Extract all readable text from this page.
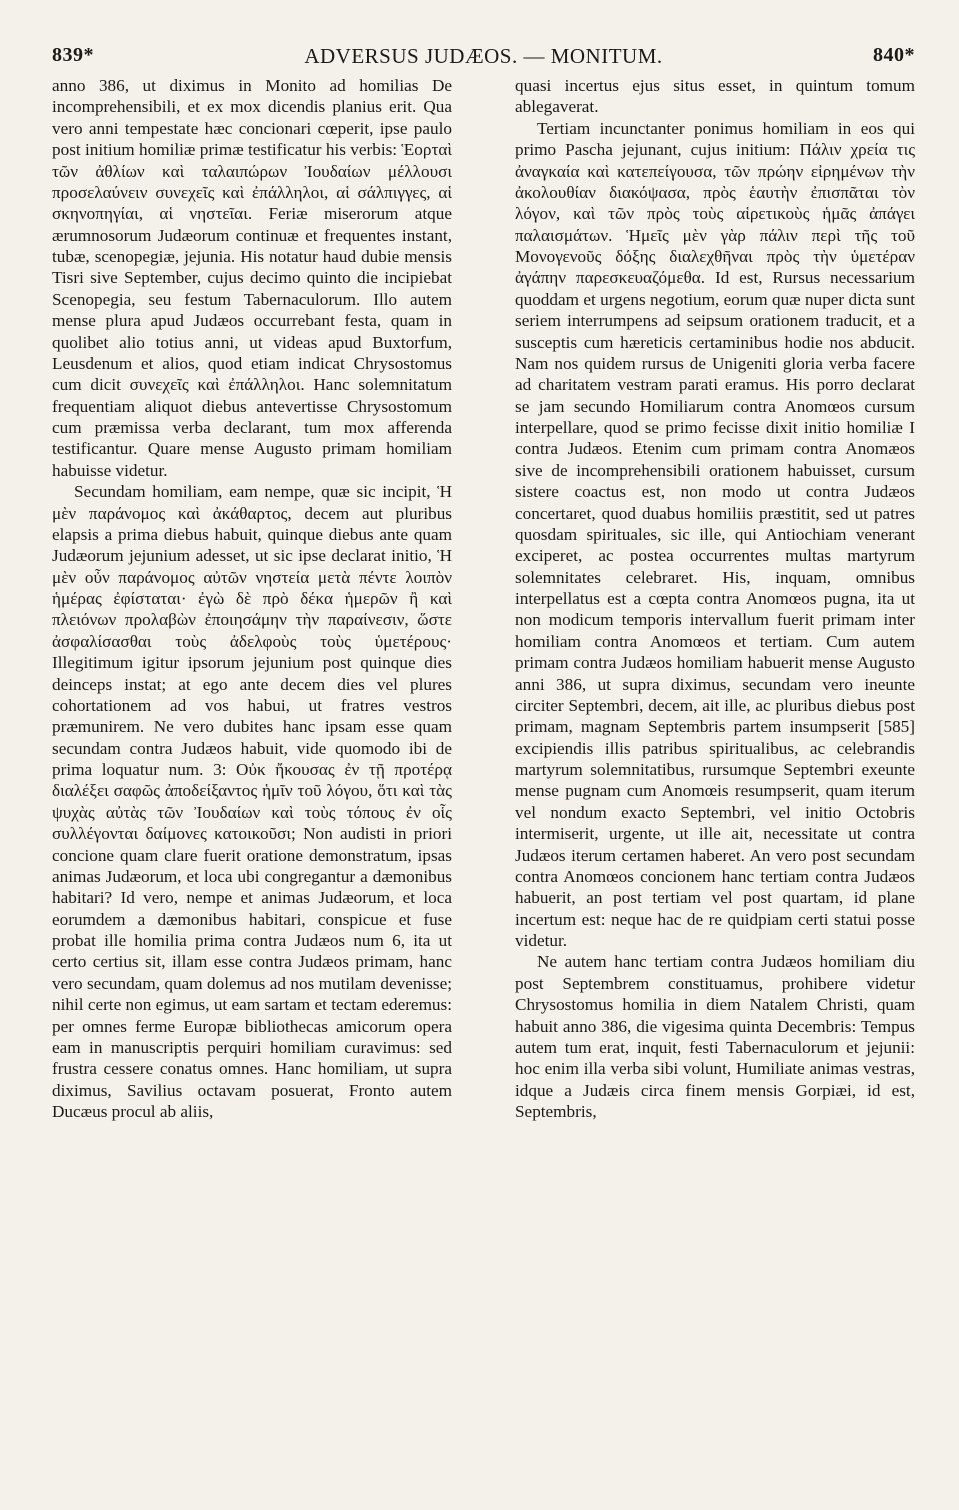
839*	ADVERSUS JUDÆOS. — MONITUM.	840*

anno 386, ut diximus in Monito ad homilias De incomprehensibili, et ex mox dicendis planius erit. Qua vero anni tempestate hæc concionari cœperit, ipse paulo post initium homiliæ primæ testificatur his verbis: Ἑορταὶ τῶν ἀθλίων καὶ ταλαιπώρων Ἰουδαίων μέλλουσι προσελαύνειν συνεχεῖς καὶ ἐπάλληλοι, αἱ σάλπιγγες, αἱ σκηνοπηγίαι, αἱ νηστεῖαι. Feriæ miserorum atque ærumnosorum Judæorum continuæ et frequentes instant, tubæ, scenopegiæ, jejunia. His notatur haud dubie mensis Tisri sive September, cujus decimo quinto die incipiebat Scenopegia, seu festum Tabernaculorum. Illo autem mense plura apud Judæos occurrebant festa, quam in quolibet alio totius anni, ut videas apud Buxtorfum, Leusdenum et alios, quod etiam indicat Chrysostomus cum dicit συνεχεῖς καὶ ἐπάλληλοι. Hanc solemnitatum frequentiam aliquot diebus antevertisse Chrysostomum cum præmissa verba declarant, tum mox afferenda testificantur. Quare mense Augusto primam homiliam habuisse videtur.

Secundam homiliam, eam nempe, quæ sic incipit, Ἡ μὲν παράνομος καὶ ἀκάθαρτος, decem aut pluribus elapsis a prima diebus habuit, quinque diebus ante quam Judæorum jejunium adesset, ut sic ipse declarat initio, Ἡ μὲν οὖν παράνομος αὐτῶν νηστεία μετὰ πέντε λοιπὸν ἡμέρας ἐφίσταται· ἐγὼ δὲ πρὸ δέκα ἡμερῶν ἢ καὶ πλειόνων προλαβὼν ἐποιησάμην τὴν παραίνεσιν, ὥστε ἀσφαλίσασθαι τοὺς ἀδελφοὺς τοὺς ὑμετέρους· Illegitimum igitur ipsorum jejunium post quinque dies deinceps instat; at ego ante decem dies vel plures cohortationem ad vos habui, ut fratres vestros præmunirem. Ne vero dubites hanc ipsam esse quam secundam contra Judæos habuit, vide quomodo ibi de prima loquatur num. 3: Οὐκ ἤκουσας ἐν τῇ προτέρᾳ διαλέξει σαφῶς ἀποδείξαντος ἡμῖν τοῦ λόγου, ὅτι καὶ τὰς ψυχὰς αὐτὰς τῶν Ἰουδαίων καὶ τοὺς τόπους ἐν οἷς συλλέγονται δαίμονες κατοικοῦσι; Non audisti in priori concione quam clare fuerit oratione demonstratum, ipsas animas Judæorum, et loca ubi congregantur a dæmonibus habitari? Id vero, nempe et animas Judæorum, et loca eorumdem a dæmonibus habitari, conspicue et fuse probat ille homilia prima contra Judæos num 6, ita ut certo certius sit, illam esse contra Judæos primam, hanc vero secundam, quam dolemus ad nos mutilam devenisse; nihil certe non egimus, ut eam sartam et tectam ederemus: per omnes ferme Europæ bibliothecas amicorum opera eam in manuscriptis perquiri homiliam curavimus: sed frustra cessere conatus omnes. Hanc homiliam, ut supra diximus, Savilius octavam posuerat, Fronto autem Ducæus procul ab aliis,

quasi incertus ejus situs esset, in quintum tomum ablegaverat.

Tertiam incunctanter ponimus homiliam in eos qui primo Pascha jejunant, cujus initium: Πάλιν χρεία τις ἀναγκαία καὶ κατεπείγουσα, τῶν πρώην εἰρημένων τὴν ἀκολουθίαν διακόψασα, πρὸς ἑαυτὴν ἐπισπᾶται τὸν λόγον, καὶ τῶν πρὸς τοὺς αἱρετικοὺς ἡμᾶς ἀπάγει παλαισμάτων. Ἡμεῖς μὲν γὰρ πάλιν περὶ τῆς τοῦ Μονογενοῦς δόξης διαλεχθῆναι πρὸς τὴν ὑμετέραν ἀγάπην παρεσκευαζόμεθα. Id est, Rursus necessarium quoddam et urgens negotium, eorum quæ nuper dicta sunt seriem interrumpens ad seipsum orationem traducit, et a susceptis cum hæreticis certaminibus hodie nos abducit. Nam nos quidem rursus de Unigeniti gloria verba facere ad charitatem vestram parati eramus. His porro declarat se jam secundo Homiliarum contra Anomœos cursum interpellare, quod se primo fecisse dixit initio homiliæ I contra Judæos. Etenim cum primam contra Anomæos sive de incomprehensibili orationem habuisset, cursum sistere coactus est, non modo ut contra Judæos concertaret, quod duabus homiliis præstitit, sed ut patres quosdam spirituales, sic ille, qui Antiochiam venerant exciperet, ac postea occurrentes multas martyrum solemnitates celebraret. His, inquam, omnibus interpellatus est a cœpta contra Anomœos pugna, ita ut non modicum temporis intervallum fuerit primam inter homiliam contra Anomœos et tertiam. Cum autem primam contra Judæos homiliam habuerit mense Augusto anni 386, ut supra diximus, secundam vero ineunte circiter Septembri, decem, ait ille, ac pluribus diebus post primam, magnam Septembris partem insumpserit [585] excipiendis illis patribus spiritualibus, ac celebrandis martyrum solemnitatibus, rursumque Septembri exeunte mense pugnam cum Anomœis resumpserit, quam iterum vel nondum exacto Septembri, vel initio Octobris intermiserit, urgente, ut ille ait, necessitate ut contra Judæos iterum certamen haberet. An vero post secundam contra Anomœos concionem hanc tertiam contra Judæos habuerit, an post tertiam vel post quartam, id plane incertum est: neque hac de re quidpiam certi statui posse videtur.

Ne autem hanc tertiam contra Judæos homiliam diu post Septembrem constituamus, prohibere videtur Chrysostomus homilia in diem Natalem Christi, quam habuit anno 386, die vigesima quinta Decembris: Tempus autem tum erat, inquit, festi Tabernaculorum et jejunii: hoc enim illa verba sibi volunt, Humiliate animas vestras, idque a Judæis circa finem mensis Gorpiæi, id est, Septembris,
